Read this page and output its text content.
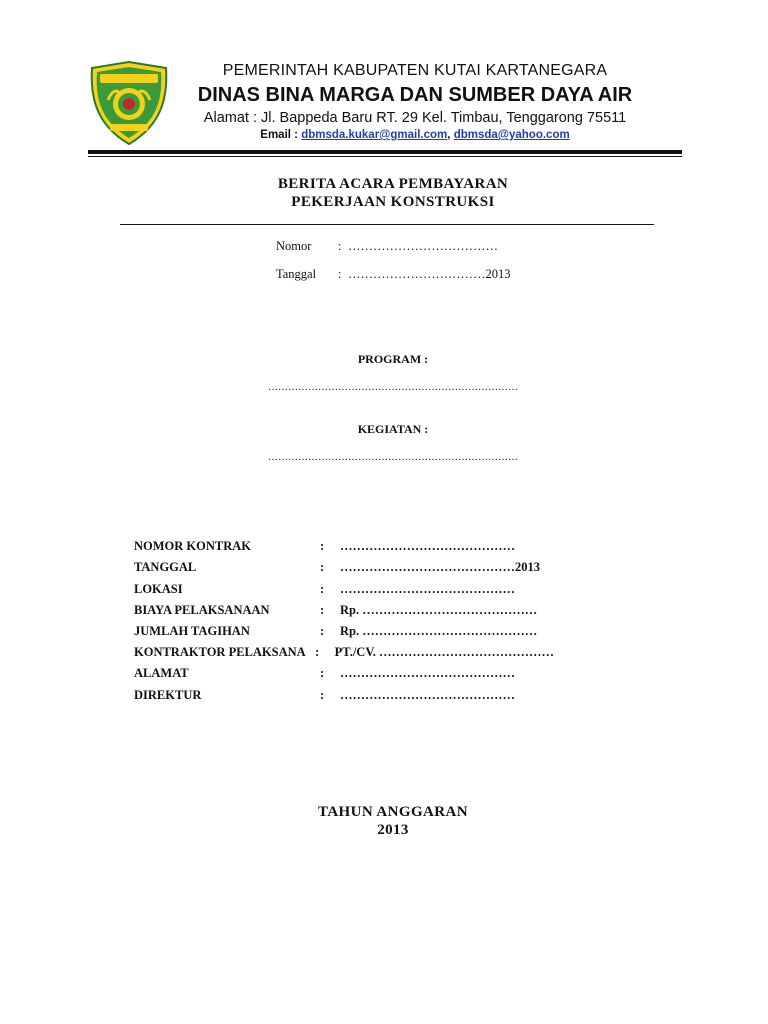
PEMERINTAH KABUPATEN KUTAI KARTANEGARA
DINAS BINA MARGA DAN SUMBER DAYA AIR
Alamat : Jl. Bappeda Baru RT. 29 Kel. Timbau, Tenggarong 75511
Email : dbmsda.kukar@gmail.com, dbmsda@yahoo.com
BERITA ACARA PEMBAYARAN
PEKERJAAN KONSTRUKSI
Nomor : ………………………………
Tanggal : ……………………………2013
PROGRAM :
…………………………………………………………………
KEGIATAN :
…………………………………………………………………
NOMOR KONTRAK	:	……………………………………
TANGGAL	:	……………………………………2013
LOKASI	:	……………………………………
BIAYA PELAKSANAAN	:	Rp. ……………………………………
JUMLAH TAGIHAN	:	Rp. ……………………………………
KONTRAKTOR PELAKSANA :	PT./CV. ……………………………………
ALAMAT	:	……………………………………
DIREKTUR	:	……………………………………
TAHUN ANGGARAN
2013
